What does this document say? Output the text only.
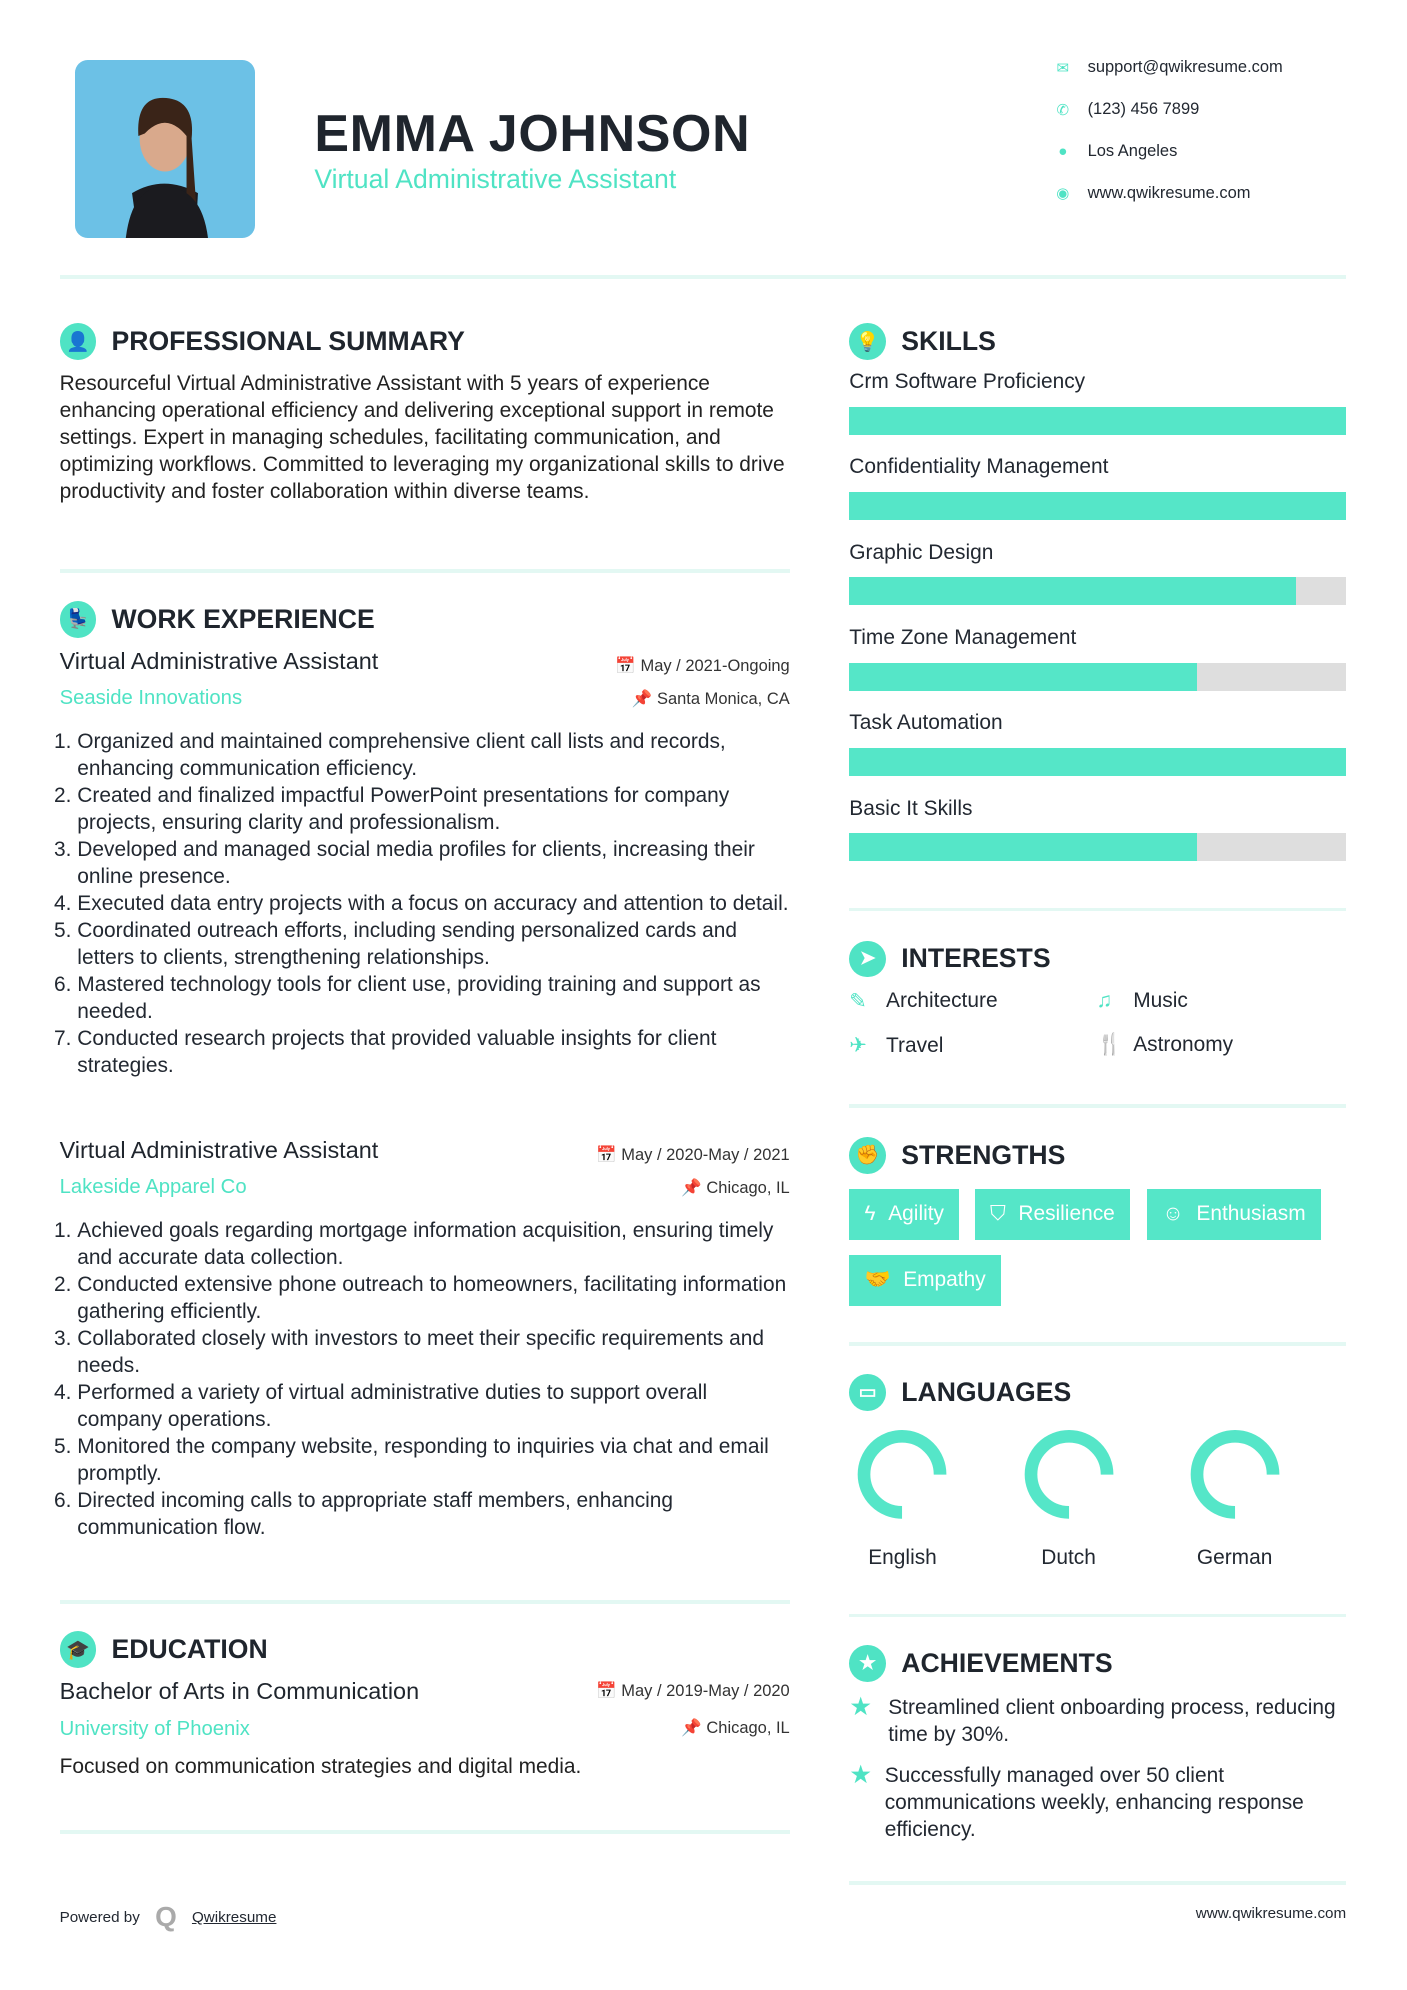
EMMA JOHNSON
Virtual Administrative Assistant
✉ support@qwikresume.com
✆ (123) 456 7899
● Los Angeles
◉ www.qwikresume.com
👤	PROFESSIONAL SUMMARY
Resourceful Virtual Administrative Assistant with 5 years of experience enhancing operational efficiency and delivering exceptional support in remote settings. Expert in managing schedules, facilitating communication, and optimizing workflows. Committed to leveraging my organizational skills to drive productivity and foster collaboration within diverse teams.
💺	WORK EXPERIENCE
Virtual Administrative Assistant	📅 May / 2021-Ongoing
Seaside Innovations	📌 Santa Monica, CA
1. Organized and maintained comprehensive client call lists and records, enhancing communication efficiency.
2. Created and finalized impactful PowerPoint presentations for company projects, ensuring clarity and professionalism.
3. Developed and managed social media profiles for clients, increasing their online presence.
4. Executed data entry projects with a focus on accuracy and attention to detail.
5. Coordinated outreach efforts, including sending personalized cards and letters to clients, strengthening relationships.
6. Mastered technology tools for client use, providing training and support as needed.
7. Conducted research projects that provided valuable insights for client strategies.
Virtual Administrative Assistant	📅 May / 2020-May / 2021
Lakeside Apparel Co	📌 Chicago, IL
1. Achieved goals regarding mortgage information acquisition, ensuring timely and accurate data collection.
2. Conducted extensive phone outreach to homeowners, facilitating information gathering efficiently.
3. Collaborated closely with investors to meet their specific requirements and needs.
4. Performed a variety of virtual administrative duties to support overall company operations.
5. Monitored the company website, responding to inquiries via chat and email promptly.
6. Directed incoming calls to appropriate staff members, enhancing communication flow.
🎓	EDUCATION
Bachelor of Arts in Communication	📅 May / 2019-May / 2020
University of Phoenix	📌 Chicago, IL
Focused on communication strategies and digital media.
💡	SKILLS
Crm Software Proficiency
Confidentiality Management
Graphic Design
Time Zone Management
Task Automation
Basic It Skills
➤	INTERESTS
✎ Architecture	♫	Music
✈ Travel	🍴 Astronomy
✊	STRENGTHS
ϟ Agility	⛉ Resilience	☺ Enthusiasm
🤝 Empathy
▭	LANGUAGES
English	Dutch	German
★	ACHIEVEMENTS
★ Streamlined client onboarding process, reducing time by 30%.
★ Successfully managed over 50 client communications weekly, enhancing response efficiency.
Powered by Q Qwikresume	www.qwikresume.com
